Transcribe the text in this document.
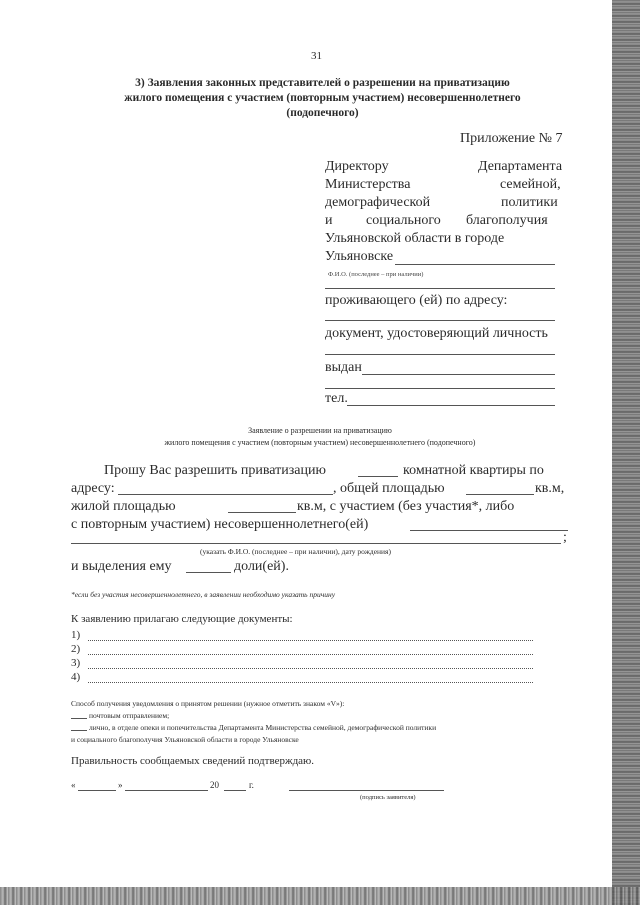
31
3) Заявления законных представителей о разрешении на приватизацию
жилого помещения с участием (повторным участием) несовершеннолетнего
(подопечного)
Приложение № 7
Директору	Департамента
Министерства	семейной,
демографической	политики
и социального благополучия
Ульяновской области в городе
Ульяновске
Ф.И.О. (последнее – при наличии)
проживающего (ей) по адресу:
документ, удостоверяющий личность
выдан
тел.
Заявление о разрешении на приватизацию
жилого помещения с участием (повторным участием) несовершеннолетнего (подопечного)
Прошу Вас разрешить приватизацию	комнатной квартиры по
адресу:	, общей площадью	кв.м,
жилой площадью	кв.м, с участием (без участия*, либо
с повторным участием) несовершеннолетнего(ей)
;
(указать Ф.И.О. (последнее – при наличии), дату рождения)
и выделения ему	доли(ей).
*если без участия несовершеннолетнего, в заявлении необходимо указать причину
К заявлению прилагаю следующие документы:
1)
2)
3)
4)
Способ получения уведомления о принятом решении (нужное отметить знаком «V»):
почтовым отправлением;
лично, в отделе опеки и попечительства Департамента Министерства семейной, демографической политики
и социального благополучия Ульяновской области в городе Ульяновске
Правильность сообщаемых сведений подтверждаю.
«	»	20	г.
(подпись заявителя)
